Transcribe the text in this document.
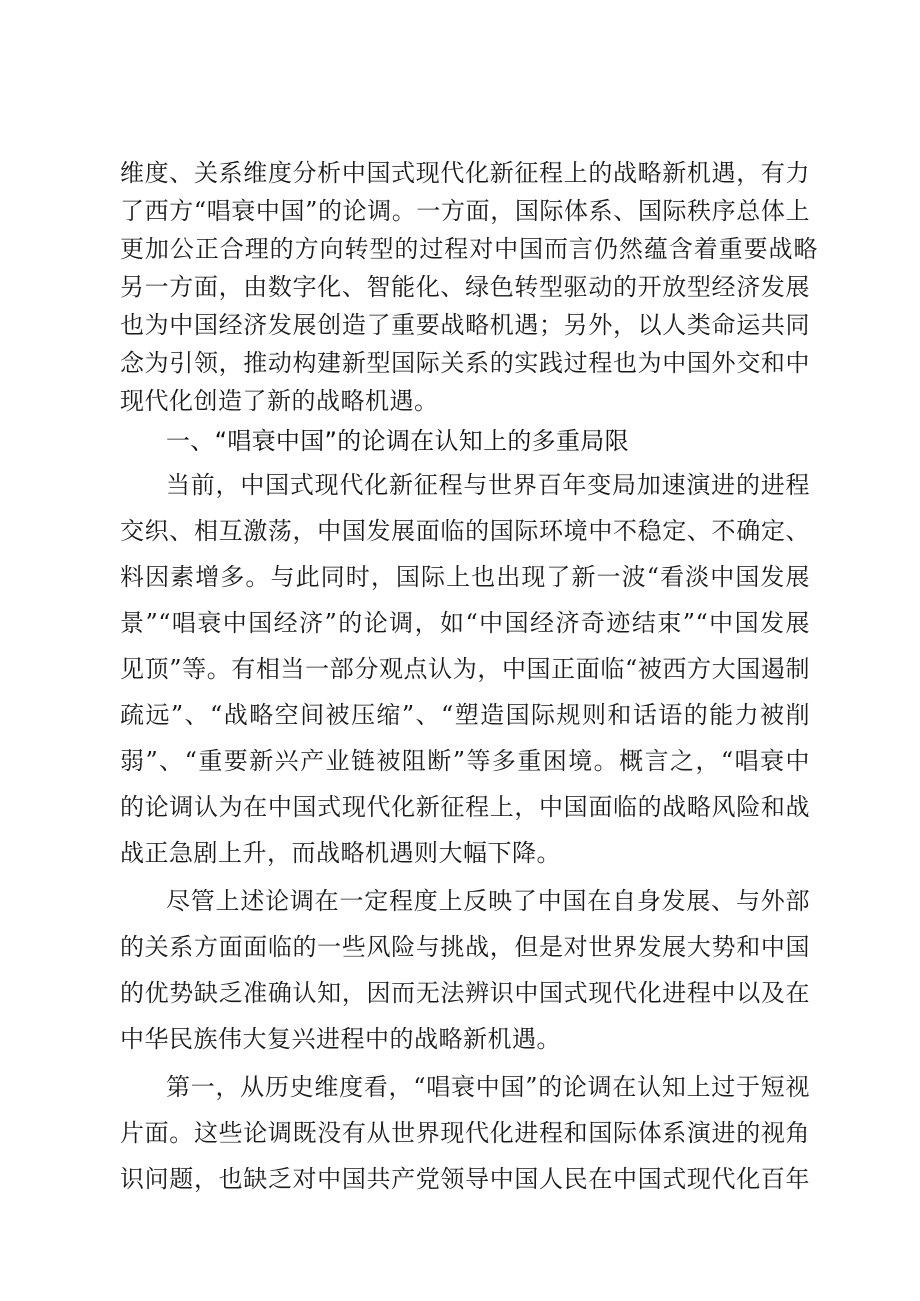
维度、关系维度分析中国式现代化新征程上的战略新机遇，有力
了西方“唱衰中国”的论调。一方面，国际体系、国际秩序总体上
更加公正合理的方向转型的过程对中国而言仍然蕴含着重要战略
另一方面，由数字化、智能化、绿色转型驱动的开放型经济发展
也为中国经济发展创造了重要战略机遇；另外，以人类命运共同
念为引领，推动构建新型国际关系的实践过程也为中国外交和中
现代化创造了新的战略机遇。
一、“唱衰中国”的论调在认知上的多重局限
当前，中国式现代化新征程与世界百年变局加速演进的进程
交织、相互激荡，中国发展面临的国际环境中不稳定、不确定、
料因素增多。与此同时，国际上也出现了新一波“看淡中国发展
景”“唱衰中国经济”的论调，如“中国经济奇迹结束”“中国发展
见顶”等。有相当一部分观点认为，中国正面临“被西方大国遏制
疏远”、“战略空间被压缩”、“塑造国际规则和话语的能力被削
弱”、“重要新兴产业链被阻断”等多重困境。概言之，“唱衰中
的论调认为在中国式现代化新征程上，中国面临的战略风险和战
战正急剧上升，而战略机遇则大幅下降。
尽管上述论调在一定程度上反映了中国在自身发展、与外部
的关系方面面临的一些风险与挑战，但是对世界发展大势和中国
的优势缺乏准确认知，因而无法辨识中国式现代化进程中以及在
中华民族伟大复兴进程中的战略新机遇。
第一，从历史维度看，“唱衰中国”的论调在认知上过于短视
片面。这些论调既没有从世界现代化进程和国际体系演进的视角
识问题，也缺乏对中国共产党领导中国人民在中国式现代化百年
